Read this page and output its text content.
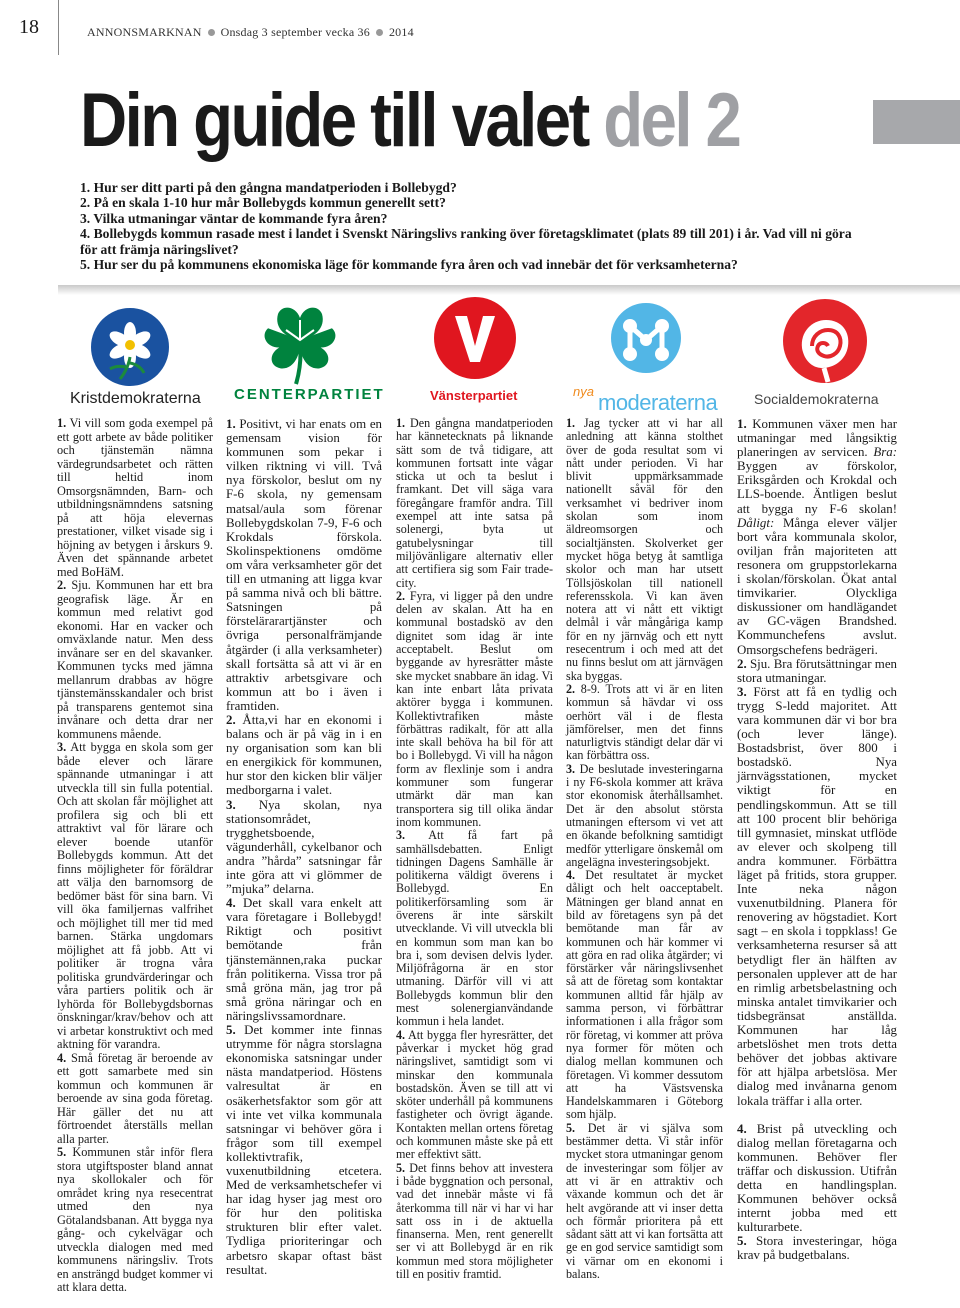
18	ANNONSMARKNAN Onsdag 3 september vecka 36 2014
Din guide till valet del 2
1. Hur ser ditt parti på den gångna mandatperioden i Bollebygd?
2. På en skala 1-10 hur mår Bollebygds kommun generellt sett?
3. Vilka utmaningar väntar de kommande fyra åren?
4. Bollebygds kommun rasade mest i landet i Svenskt Näringslivs ranking över företagsklimatet (plats 89 till 201) i år. Vad vill ni göra för att främja näringslivet?
5. Hur ser du på kommunens ekonomiska läge för kommande fyra åren och vad innebär det för verksamheterna?
Kristdemokraterna CENTERPARTIET	Vänsterpartiet	nya moderaterna	Socialdemokraterna

1. Vi vill som goda exempel på ett gott arbete av både politiker och tjänstemän nämna värdegrundsarbetet och rätten till heltid inom Omsorgsnämnden, Barn- och utbildningsnämndens satsning på att höja elevernas prestationer, vilket visade sig i höjning av betygen i årskurs 9. Även det spännande arbetet med BoHäM.

2. Sju. Kommunen har ett bra geografisk läge. Är en kommun med relativt god ekonomi. Har en vacker och omväxlande natur. Men dess invånare ser en del skavanker. Kommunen tycks med jämna mellanrum drabbas av högre tjänstemänsskandaler och brist på transparens gentemot sina invånare och detta drar ner kommunens mående.

3. Att bygga en skola som ger både elever och lärare spännande utmaningar i att utveckla till sin fulla potential. Och att skolan får möjlighet att profilera sig och bli ett attraktivt val för lärare och elever boende utanför Bollebygds kommun. Att det finns möjligheter för föräldrar att välja den barnomsorg de bedömer bäst för sina barn. Vi vill öka familjernas valfrihet och möjlighet till mer tid med barnen. Stärka ungdomars möjlighet att få jobb. Att vi politiker är trogna våra politiska grundvärderingar och våra partiers politik och är lyhörda för Bollebygdsbornas önskningar/krav/behov och att vi arbetar konstruktivt och med aktning för varandra.

4. Små företag är beroende av ett gott samarbete med sin kommun och kommunen är beroende av sina goda företag. Här gäller det nu att förtroendet återställs mellan alla parter.

5. Kommunen står inför flera stora utgiftsposter bland annat nya skollokaler och för området kring nya resecentrat utmed den nya Götalandsbanan. Att bygga nya gång- och cykelvägar och utveckla dialogen med med kommunens näringsliv. Trots en ansträngd budget kommer vi att klara detta.

1. Positivt, vi har enats om en gemensam vision för kommunen som pekar i vilken riktning vi vill. Två nya förskolor, beslut om ny F-6 skola, ny gemensam matsal/aula som förenar Bollebygdskolan 7-9, F-6 och Krokdals förskola. Skolinspektionens omdöme om våra verksamheter gör det till en utmaning att ligga kvar på samma nivå och bli bättre. Satsningen på förstelärarartjänster och övriga personalfrämjande åtgärder (i alla verksamheter) skall fortsätta så att vi är en attraktiv arbetsgivare och kommun att bo i även i framtiden.

2. Åtta,vi har en ekonomi i balans och är på väg in i en ny organisation som kan bli en energikick för kommunen, hur stor den kicken blir väljer medborgarna i valet.

3. Nya skolan, nya stationsområdet, trygghetsboende, vägunderhåll, cykelbanor och andra ”hårda” satsningar får inte göra att vi glömmer de ”mjuka” delarna.

4. Det skall vara enkelt att vara företagare i Bollebygd! Riktigt och positivt bemötande från tjänstemännen,raka puckar från politikerna. Vissa tror på små gröna män, jag tror på små gröna näringar och en näringslivssamordnare.

5. Det kommer inte finnas utrymme för några storslagna ekonomiska satsningar under nästa mandatperiod. Höstens valresultat är en osäkerhetsfaktor som gör att vi inte vet vilka kommunala satsningar vi behöver göra i frågor som till exempel kollektivtrafik, vuxenutbildning etcetera. Med de verksamhetschefer vi har idag hyser jag mest oro för hur den politiska strukturen blir efter valet. Tydliga prioriteringar och arbetsro skapar oftast bäst resultat.

1. Den gångna mandatperioden har kännetecknats på liknande sätt som de två tidigare, att kommunen fortsatt inte vågar sticka ut och ta beslut i framkant. Det vill säga vara föregångare framför andra. Till exempel att inte satsa på solenergi, byta ut gatubelysningar till miljövänligare alternativ eller att certifiera sig som Fair trade-city.

2. Fyra, vi ligger på den undre delen av skalan. Att ha en kommunal bostadskö av den dignitet som idag är inte acceptabelt. Beslut om byggande av hyresrätter måste ske mycket snabbare än idag. Vi kan inte enbart låta privata aktörer bygga i kommunen. Kollektivtrafiken måste förbättras radikalt, för att alla inte skall behöva ha bil för att bo i Bollebygd. Vi vill ha någon form av flexlinje som i andra kommuner som fungerar utmärkt där man kan transportera sig till olika ändar inom kommunen.

3. Att få fart på samhällsdebatten. Enligt tidningen Dagens Samhälle är politikerna väldigt överens i Bollebygd. En politikerförsamling som är överens är inte särskilt utvecklande. Vi vill utveckla bli en kommun som man kan bo bra i, som devisen delvis lyder. Miljöfrågorna är en stor utmaning. Därför vill vi att Bollebygds kommun blir den mest solenergianvändande kommun i hela landet.

4. Att bygga fler hyresrätter, det påverkar i mycket hög grad näringslivet, samtidigt som vi minskar den kommunala bostadskön. Även se till att vi sköter underhåll på kommunens fastigheter och övrigt ägande. Kontakten mellan ortens företag och kommunen måste ske på ett mer effektivt sätt.

5. Det finns behov att investera i både byggnation och personal, vad det innebär måste vi få återkomma till när vi har vi har satt oss in i de aktuella finanserna. Men, rent generellt ser vi att Bollebygd är en rik kommun med stora möjligheter till en positiv framtid.

1. Jag tycker att vi har all anledning att känna stolthet över de goda resultat som vi nått under perioden. Vi har blivit uppmärksammade nationellt såväl för den verksamhet vi bedriver inom skolan som inom äldreomsorgen och socialtjänsten. Skolverket ger mycket höga betyg åt samtliga skolor och man har utsett Töllsjöskolan till nationell referensskola. Vi kan även notera att vi nått ett viktigt delmål i vår mångåriga kamp för en ny järnväg och ett nytt resecentrum i och med att det nu finns beslut om att järnvägen ska byggas.

2. 8-9. Trots att vi är en liten kommun så hävdar vi oss oerhört väl i de flesta jämförelser, men det finns naturligtvis ständigt delar där vi kan förbättra oss.

3. De beslutade investeringarna i ny F6-skola kommer att kräva stor ekonomisk återhållsamhet. Det är den absolut största utmaningen eftersom vi vet att en ökande befolkning samtidigt medför ytterligare önskemål om angelägna investeringsobjekt.

4. Det resultatet är mycket dåligt och helt oacceptabelt. Mätningen ger bland annat en bild av företagens syn på det bemötande man får av kommunen och här kommer vi att göra en rad olika åtgärder; vi förstärker vår näringslivsenhet så att de företag som kontaktar kommunen alltid får hjälp av samma person, vi förbättrar informationen i alla frågor som rör företag, vi kommer att pröva nya former för möten och dialog mellan kommunen och företagen. Vi kommer dessutom att ha Västsvenska Handelskammaren i Göteborg som hjälp.

5. Det är vi själva som bestämmer detta. Vi står inför mycket stora utmaningar genom de investeringar som följer av att vi är en attraktiv och växande kommun och det är helt avgörande att vi inser detta och förmår prioritera på ett sådant sätt att vi kan fortsätta att ge en god service samtidigt som vi värnar om en ekonomi i balans.

1. Kommunen växer men har utmaningar med långsiktig planeringen av servicen. Bra: Byggen av förskolor, Eriksgården och Krokdal och LLS-boende. Äntligen beslut att bygga ny F-6 skolan! Dåligt: Många elever väljer bort våra kommunala skolor, oviljan från majoriteten att resonera om gruppstorlekarna i skolan/förskolan. Ökat antal timvikarier. Olyckliga diskussioner om handlägandet av GC-vägen Brandshed. Kommunchefens avslut. Omsorgschefens bedrägeri.

2. Sju. Bra förutsättningar men stora utmaningar.

3. Först att få en tydlig och trygg S-ledd majoritet. Att vara kommunen där vi bor bra (och lever länge). Bostadsbrist, över 800 i bostadskö. Nya järnvägsstationen, mycket viktigt för en pendlingskommun. Att se till att 100 procent blir behöriga till gymnasiet, minskat utflöde av elever och skolpeng till andra kommuner. Förbättra läget på fritids, stora grupper. Inte neka någon vuxenutbildning. Planera för renovering av högstadiet. Kort sagt – en skola i toppklass! Ge verksamheterna resurser så att betydligt fler än hälften av personalen upplever att de har en rimlig arbetsbelastning och minska antalet timvikarier och tidsbegränsat anställda. Kommunen har låg arbetslöshet men trots detta behöver det jobbas aktivare för att hjälpa arbetslösa. Mer dialog med invånarna genom lokala träffar i alla orter.

4. Brist på utveckling och dialog mellan företagarna och kommunen. Behöver fler träffar och diskussion. Utifrån detta en handlingsplan. Kommunen behöver också internt jobba med ett kulturarbete.

5. Stora investeringar, höga krav på budgetbalans.
